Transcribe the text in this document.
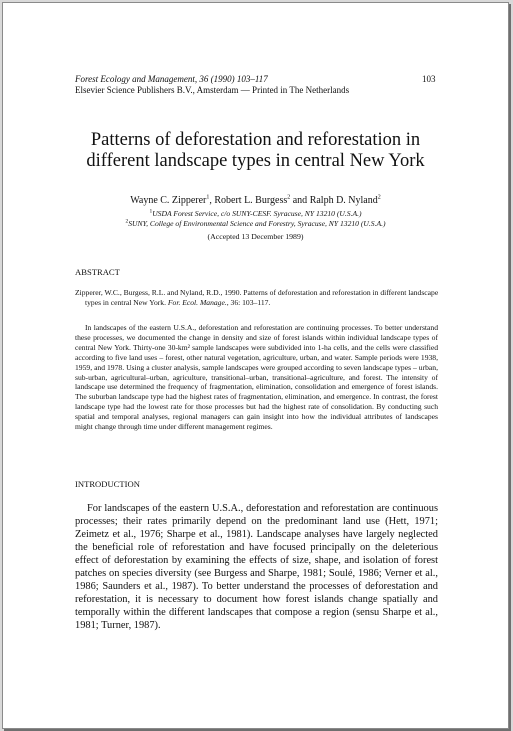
Forest Ecology and Management, 36 (1990) 103–117
Elsevier Science Publishers B.V., Amsterdam — Printed in The Netherlands
103
Patterns of deforestation and reforestation in
different landscape types in central New York
Wayne C. Zipperer$^1$, Robert L. Burgess$^2$ and Ralph D. Nyland$^2$
$^1$USDA Forest Service, c/o SUNY-CESF. Syracuse, NY 13210 (U.S.A.)
$^2$SUNY, College of Environmental Science and Forestry, Syracuse, NY 13210 (U.S.A.)
(Accepted 13 December 1989)
ABSTRACT
Zipperer, W.C., Burgess, R.L. and Nyland, R.D., 1990. Patterns of deforestation and reforestation in different landscape types in central New York. For. Ecol. Manage., 36: 103–117.
In landscapes of the eastern U.S.A., deforestation and reforestation are continuing processes. To better understand these processes, we documented the change in density and size of forest islands within individual landscape types of central New York. Thirty-one 30-km² sample landscapes were subdivided into 1-ha cells, and the cells were classified according to five land uses – forest, other natural vegetation, agriculture, urban, and water. Sample periods were 1938, 1959, and 1978. Using a cluster analysis, sample landscapes were grouped according to seven landscape types – urban, sub-urban, agricultural–urban, agriculture, transitional–urban, transitional–agriculture, and forest. The intensity of landscape use determined the frequency of fragmentation, elimination, consolidation and emergence of forest islands. The suburban landscape type had the highest rates of fragmentation, elimination, and emergence. In contrast, the forest landscape type had the lowest rate for those processes but had the highest rate of consolidation. By conducting such spatial and temporal analyses, regional managers can gain insight into how the individual attributes of landscapes might change through time under different management regimes.
INTRODUCTION
For landscapes of the eastern U.S.A., deforestation and reforestation are continuous processes; their rates primarily depend on the predominant land use (Hett, 1971; Zeimetz et al., 1976; Sharpe et al., 1981). Landscape analyses have largely neglected the beneficial role of reforestation and have focused principally on the deleterious effect of deforestation by examining the effects of size, shape, and isolation of forest patches on species diversity (see Burgess and Sharpe, 1981; Soulé, 1986; Verner et al., 1986; Saunders et al., 1987). To better understand the processes of deforestation and reforestation, it is necessary to document how forest islands change spatially and temporally within the different landscapes that compose a region (sensu Sharpe et al., 1981; Turner, 1987).
